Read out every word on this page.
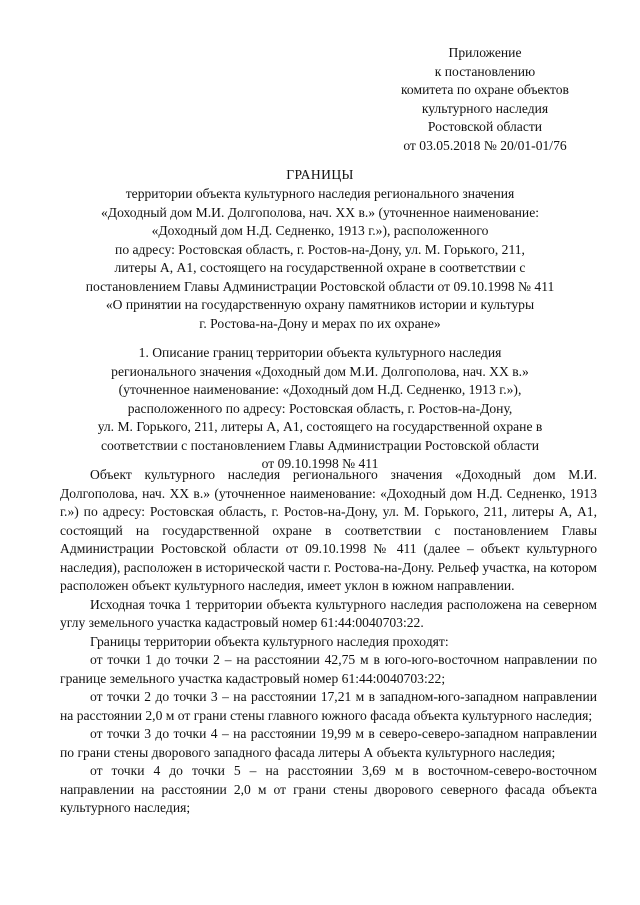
Приложение
к постановлению
комитета по охране объектов
культурного наследия
Ростовской области
от 03.05.2018 № 20/01-01/76
ГРАНИЦЫ
территории объекта культурного наследия регионального значения
«Доходный дом М.И. Долгополова, нач. XX в.» (уточненное наименование:
«Доходный дом Н.Д. Седненко, 1913 г.»), расположенного
по адресу: Ростовская область, г. Ростов-на-Дону, ул. М. Горького, 211,
литеры А, А1, состоящего на государственной охране в соответствии с
постановлением Главы Администрации Ростовской области от 09.10.1998 № 411
«О принятии на государственную охрану памятников истории и культуры
г. Ростова-на-Дону и мерах по их охране»
1. Описание границ территории объекта культурного наследия
регионального значения «Доходный дом М.И. Долгополова, нач. XX в.»
(уточненное наименование: «Доходный дом Н.Д. Седненко, 1913 г.»),
расположенного по адресу: Ростовская область, г. Ростов-на-Дону,
ул. М. Горького, 211, литеры А, А1, состоящего на государственной охране в
соответствии с постановлением Главы Администрации Ростовской области
от 09.10.1998 № 411

Объект культурного наследия регионального значения «Доходный дом М.И. Долгополова, нач. XX в.» (уточненное наименование: «Доходный дом Н.Д. Седненко, 1913 г.») по адресу: Ростовская область, г. Ростов-на-Дону, ул. М. Горького, 211, литеры А, А1, состоящий на государственной охране в соответствии с постановлением Главы Администрации Ростовской области от 09.10.1998 № 411 (далее – объект культурного наследия), расположен в исторической части г. Ростова-на-Дону. Рельеф участка, на котором расположен объект культурного наследия, имеет уклон в южном направлении.

Исходная точка 1 территории объекта культурного наследия расположена на северном углу земельного участка кадастровый номер 61:44:0040703:22.

Границы территории объекта культурного наследия проходят:

от точки 1 до точки 2 – на расстоянии 42,75 м в юго-юго-восточном направлении по границе земельного участка кадастровый номер 61:44:0040703:22;

от точки 2 до точки 3 – на расстоянии 17,21 м в западном-юго-западном направлении на расстоянии 2,0 м от грани стены главного южного фасада объекта культурного наследия;

от точки 3 до точки 4 – на расстоянии 19,99 м в северо-северо-западном направлении по грани стены дворового западного фасада литеры А объекта культурного наследия;

от точки 4 до точки 5 – на расстоянии 3,69 м в восточном-северо-восточном направлении на расстоянии 2,0 м от грани стены дворового северного фасада объекта культурного наследия;
